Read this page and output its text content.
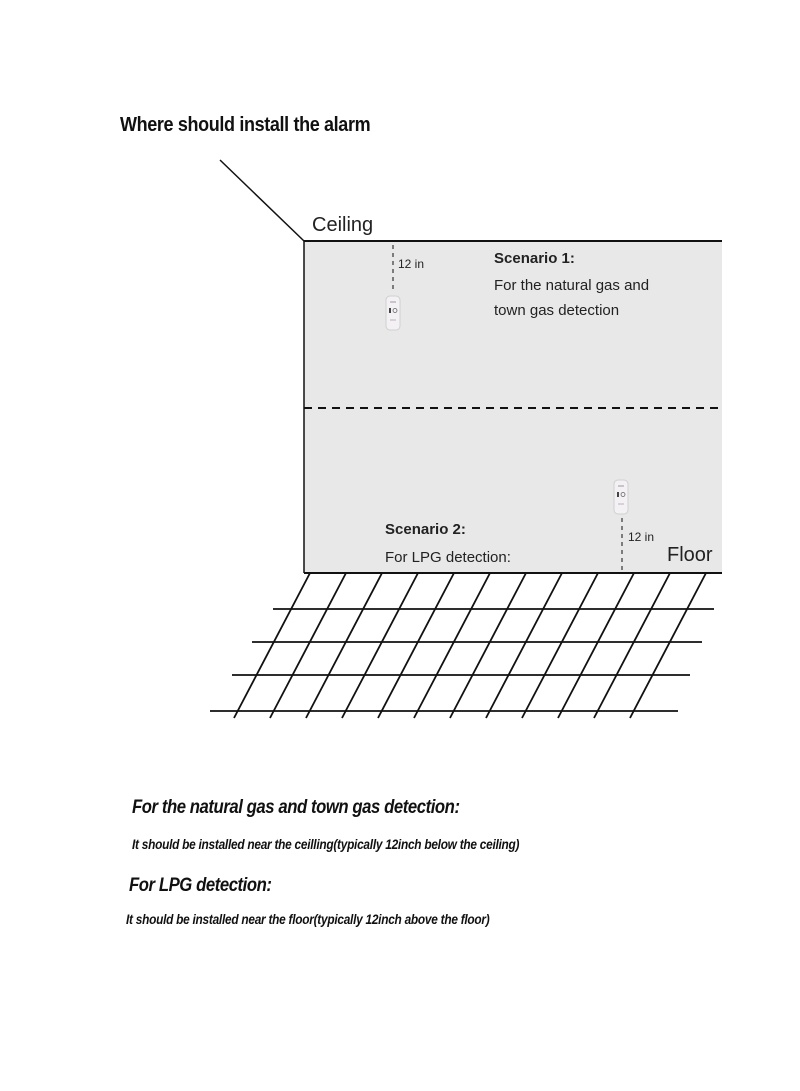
Where should install the alarm
Ceiling
Floor
12 in
12 in
Scenario 1:
For the natural gas and town gas detection
Scenario 2:
For LPG detection:
For the natural gas and town gas detection:
It should be installed near the ceilling(typically 12inch below the ceiling)
For LPG detection:
It should be installed near the floor(typically 12inch above the floor)
